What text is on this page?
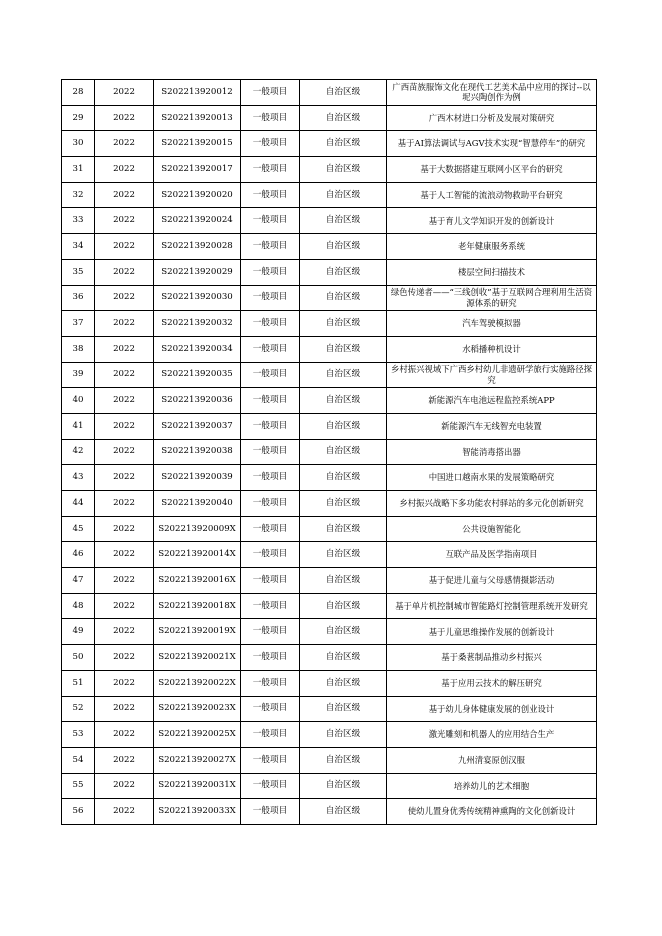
28	2022	S202213920012	一般项目	自治区级	广西苗族服饰文化在现代工艺美术品中应用的探讨--以坭兴陶创作为例
29	2022	S202213920013	一般项目	自治区级	广西木材进口分析及发展对策研究
30	2022	S202213920015	一般项目	自治区级	基于AI算法调试与AGV技术实现“智慧停车”的研究
31	2022	S202213920017	一般项目	自治区级	基于大数据搭建互联网小区平台的研究
32	2022	S202213920020	一般项目	自治区级	基于人工智能的流浪动物救助平台研究
33	2022	S202213920024	一般项目	自治区级	基于育儿文学知识开发的创新设计
34	2022	S202213920028	一般项目	自治区级	老年健康服务系统
35	2022	S202213920029	一般项目	自治区级	楼层空间扫描技术
36	2022	S202213920030	一般项目	自治区级	绿色传递者——“三线创收”基于互联网合理利用生活资源体系的研究
37	2022	S202213920032	一般项目	自治区级	汽车驾驶模拟器
38	2022	S202213920034	一般项目	自治区级	水稻播种机设计
39	2022	S202213920035	一般项目	自治区级	乡村振兴视域下广西乡村幼儿非遗研学旅行实施路径探究
40	2022	S202213920036	一般项目	自治区级	新能源汽车电池远程监控系统APP
41	2022	S202213920037	一般项目	自治区级	新能源汽车无线智充电装置
42	2022	S202213920038	一般项目	自治区级	智能消毒搭出器
43	2022	S202213920039	一般项目	自治区级	中国进口越南水果的发展策略研究
44	2022	S202213920040	一般项目	自治区级	乡村振兴战略下多功能农村驿站的多元化创新研究
45	2022	S202213920009X	一般项目	自治区级	公共设施智能化
46	2022	S202213920014X	一般项目	自治区级	互联产品及医学指南项目
47	2022	S202213920016X	一般项目	自治区级	基于促进儿童与父母感情摄影活动
48	2022	S202213920018X	一般项目	自治区级	基于单片机控制城市智能路灯控制管理系统开发研究
49	2022	S202213920019X	一般项目	自治区级	基于儿童思维操作发展的创新设计
50	2022	S202213920021X	一般项目	自治区级	基于桑葚制品推动乡村振兴
51	2022	S202213920022X	一般项目	自治区级	基于应用云技术的解压研究
52	2022	S202213920023X	一般项目	自治区级	基于幼儿身体健康发展的创业设计
53	2022	S202213920025X	一般项目	自治区级	激光雕刻和机器人的应用结合生产
54	2022	S202213920027X	一般项目	自治区级	九州清宴原创汉服
55	2022	S202213920031X	一般项目	自治区级	培养幼儿的艺术细胞
56	2022	S202213920033X	一般项目	自治区级	使幼儿置身优秀传统精神熏陶的文化创新设计
